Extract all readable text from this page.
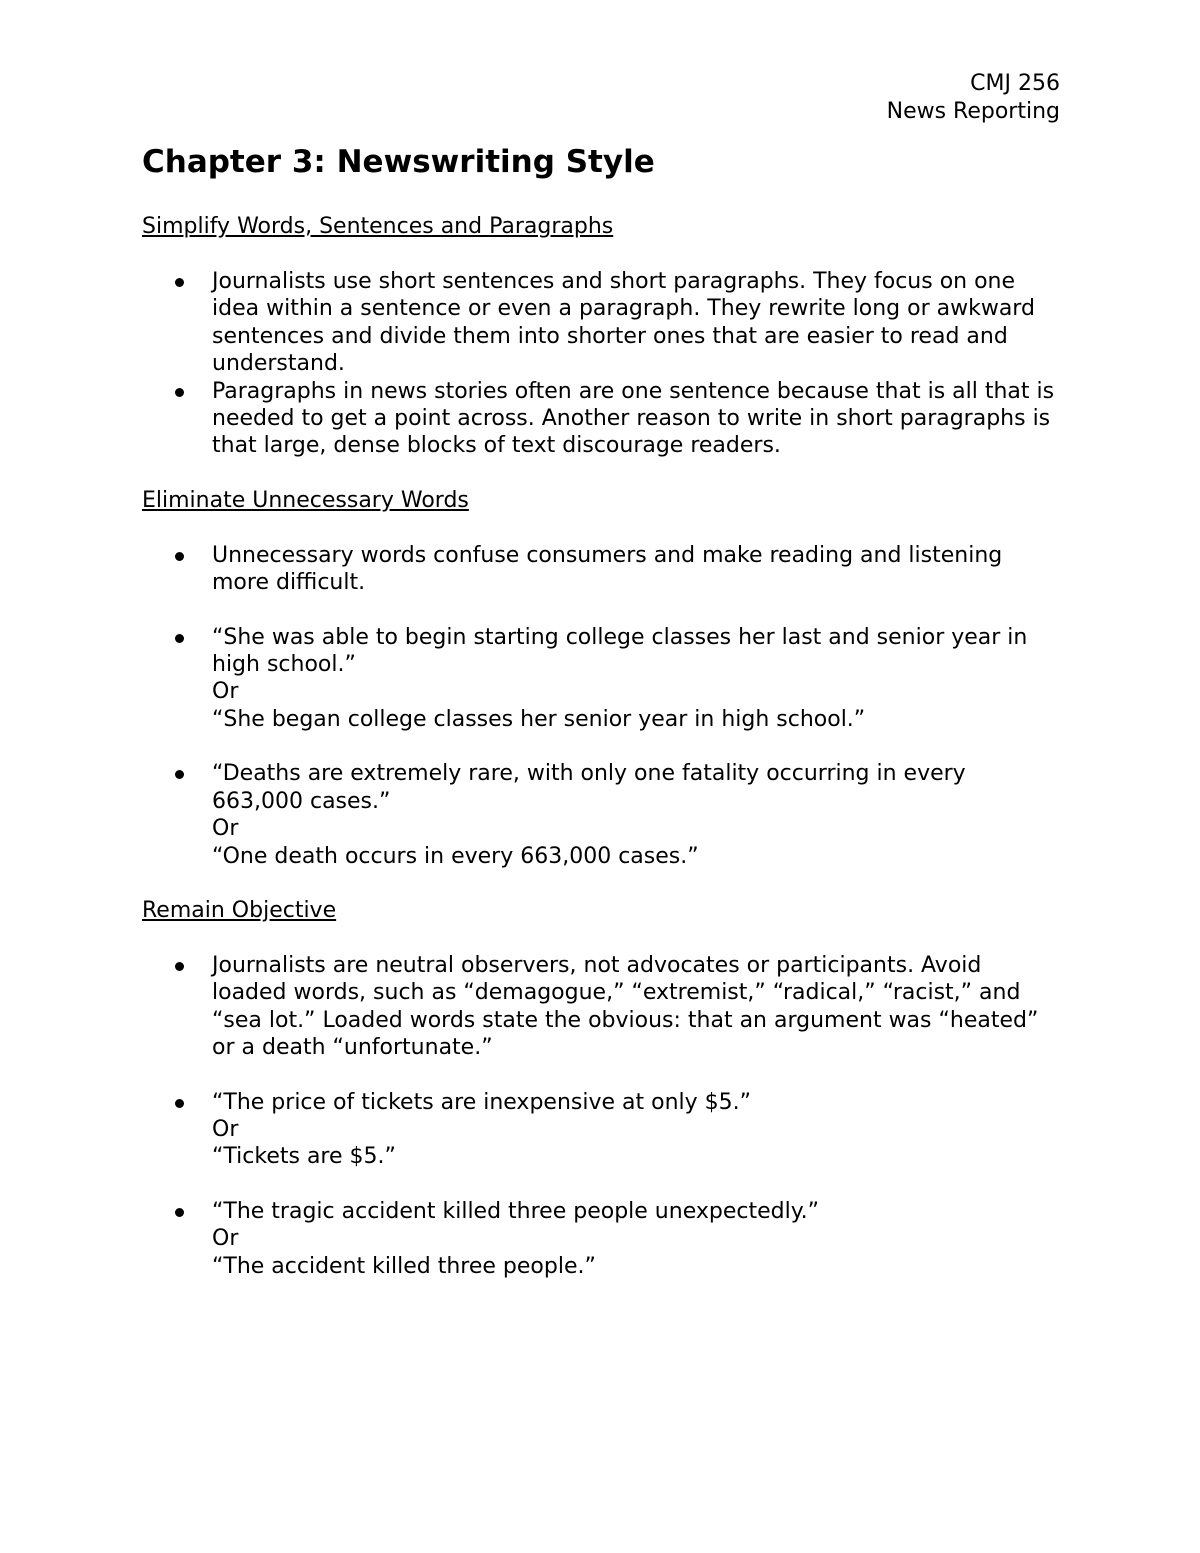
CMJ 256
News Reporting
Chapter 3: Newswriting Style

Simplify Words, Sentences and Paragraphs

Journalists use short sentences and short paragraphs. They focus on one idea within a sentence or even a paragraph. They rewrite long or awkward sentences and divide them into shorter ones that are easier to read and understand.

Paragraphs in news stories often are one sentence because that is all that is needed to get a point across. Another reason to write in short paragraphs is that large, dense blocks of text discourage readers.

Eliminate Unnecessary Words

Unnecessary words confuse consumers and make reading and listening more difficult.

“She was able to begin starting college classes her last and senior year in high school.”

Or

“She began college classes her senior year in high school.”

“Deaths are extremely rare, with only one fatality occurring in every 663,000 cases.”

Or

“One death occurs in every 663,000 cases.”

Remain Objective

Journalists are neutral observers, not advocates or participants. Avoid loaded words, such as “demagogue,” “extremist,” “radical,” “racist,” and “sea lot.” Loaded words state the obvious: that an argument was “heated” or a death “unfortunate.”

“The price of tickets are inexpensive at only $5.”

Or

“Tickets are $5.”

“The tragic accident killed three people unexpectedly.”

Or

“The accident killed three people.”
